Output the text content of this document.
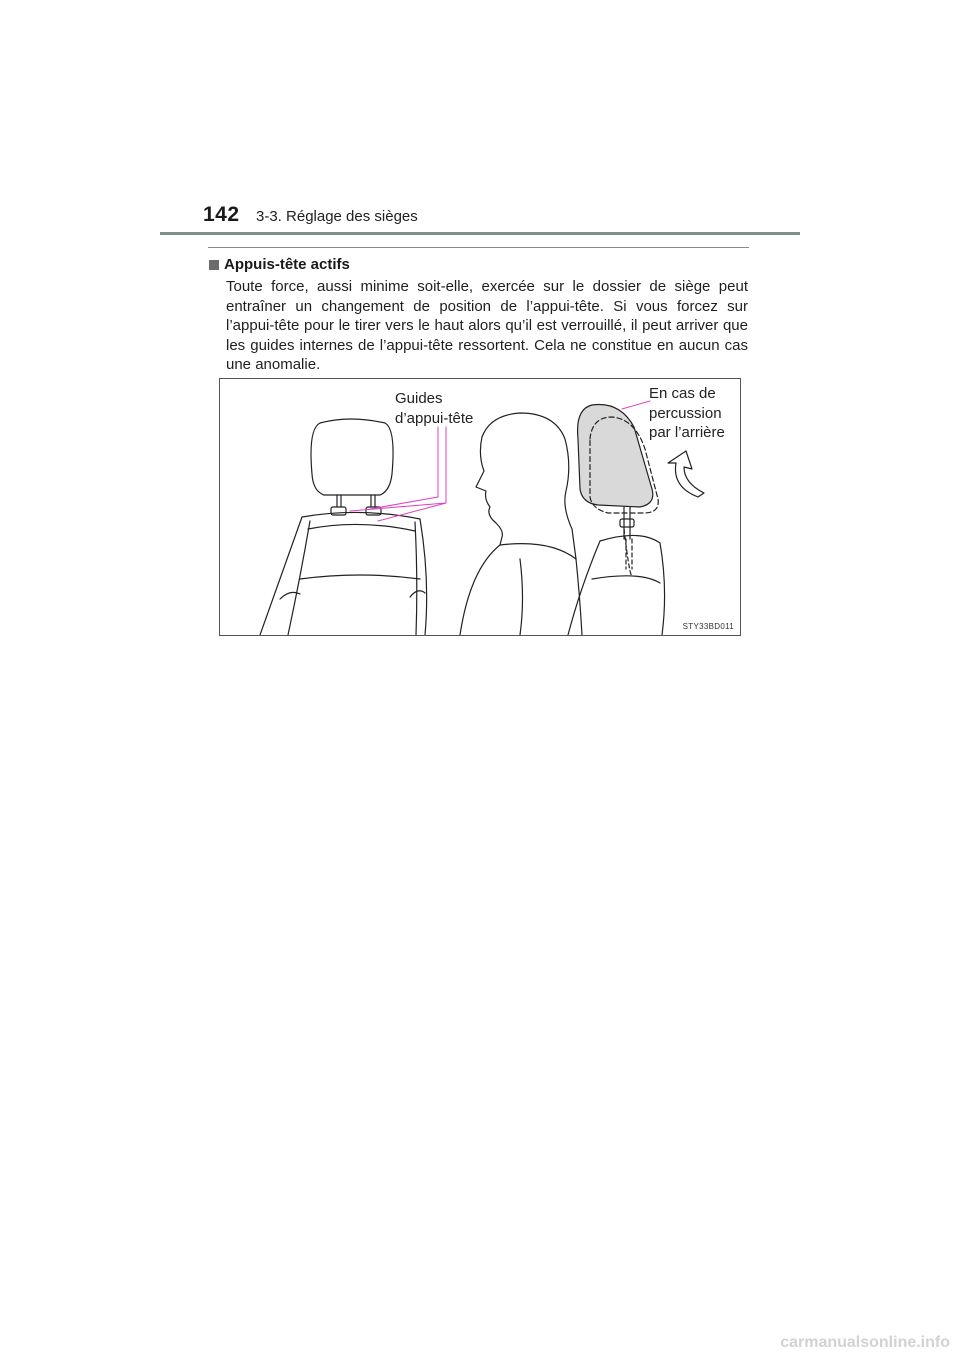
142 3-3. Réglage des sièges
Appuis-tête actifs
Toute force, aussi minime soit-elle, exercée sur le dossier de siège peut entraîner un changement de position de l’appui-tête. Si vous forcez sur l’appui-tête pour le tirer vers le haut alors qu’il est verrouillé, il peut arriver que les guides internes de l’appui-tête ressortent. Cela ne constitue en aucun cas une anomalie.
Guides
d’appui-tête
En cas de
percussion
par l’arrière
STY33BD011
carmanualsonline.info
